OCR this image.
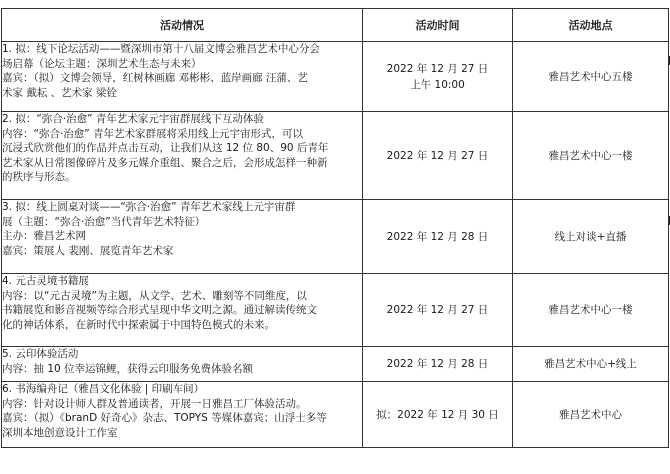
活动情况	活动时间	活动地点

1. 拟：线下论坛活动——暨深圳市第十八届文博会雅昌艺术中心分会
场启幕（论坛主题：深圳艺术生态与未来）
嘉宾：（拟）文博会领导，红树林画廊 邓彬彬、蓝岸画廊 汪蒲、艺
术家 戴耘 、艺术家 梁铨	2022 年 12 月 27 日
上午 10:00	雅昌艺术中心五楼

2. 拟：“弥合·治愈” 青年艺术家元宇宙群展线下互动体验
内容：“弥合·治愈” 青年艺术家群展将采用线上元宇宙形式，可以
沉浸式欣赏他们的作品并点击互动，让我们从这 12 位 80、90 后青年
艺术家从日常图像碎片及多元媒介重组、聚合之后，会形成怎样一种新
的秩序与形态。	2022 年 12 月 27 日	雅昌艺术中心一楼

3. 拟：线上圆桌对谈——“弥合·治愈” 青年艺术家线上元宇宙群
展（主题：“弥合·治愈”当代青年艺术特征）
主办：雅昌艺术网
嘉宾：策展人 裴刚、展览青年艺术家	2022 年 12 月 28 日	线上对谈+直播

4. 元古灵境书籍展
内容：以“元古灵境”为主题，从文学、艺术、雕刻等不同维度，以
书籍展览和影音视频等综合形式呈现中华文明之源。通过解读传统文
化的神话体系，在新时代中探索属于中国特色模式的未来。	2022 年 12 月 27 日	雅昌艺术中心一楼

5. 云印体验活动
内容：抽 10 位幸运锦鲤，获得云印服务免费体验名额	2022 年 12 月 28 日	雅昌艺术中心+线上

6. 书海编舟记（雅昌文化体验 | 印刷车间）
内容：针对设计师人群及普通读者，开展一日雅昌工厂体验活动。
嘉宾：（拟）《branD 好奇心》杂志、TOPYS 等媒体嘉宾；山浮士多等
深圳本地创意设计工作室	拟：2022 年 12 月 30 日	雅昌艺术中心
